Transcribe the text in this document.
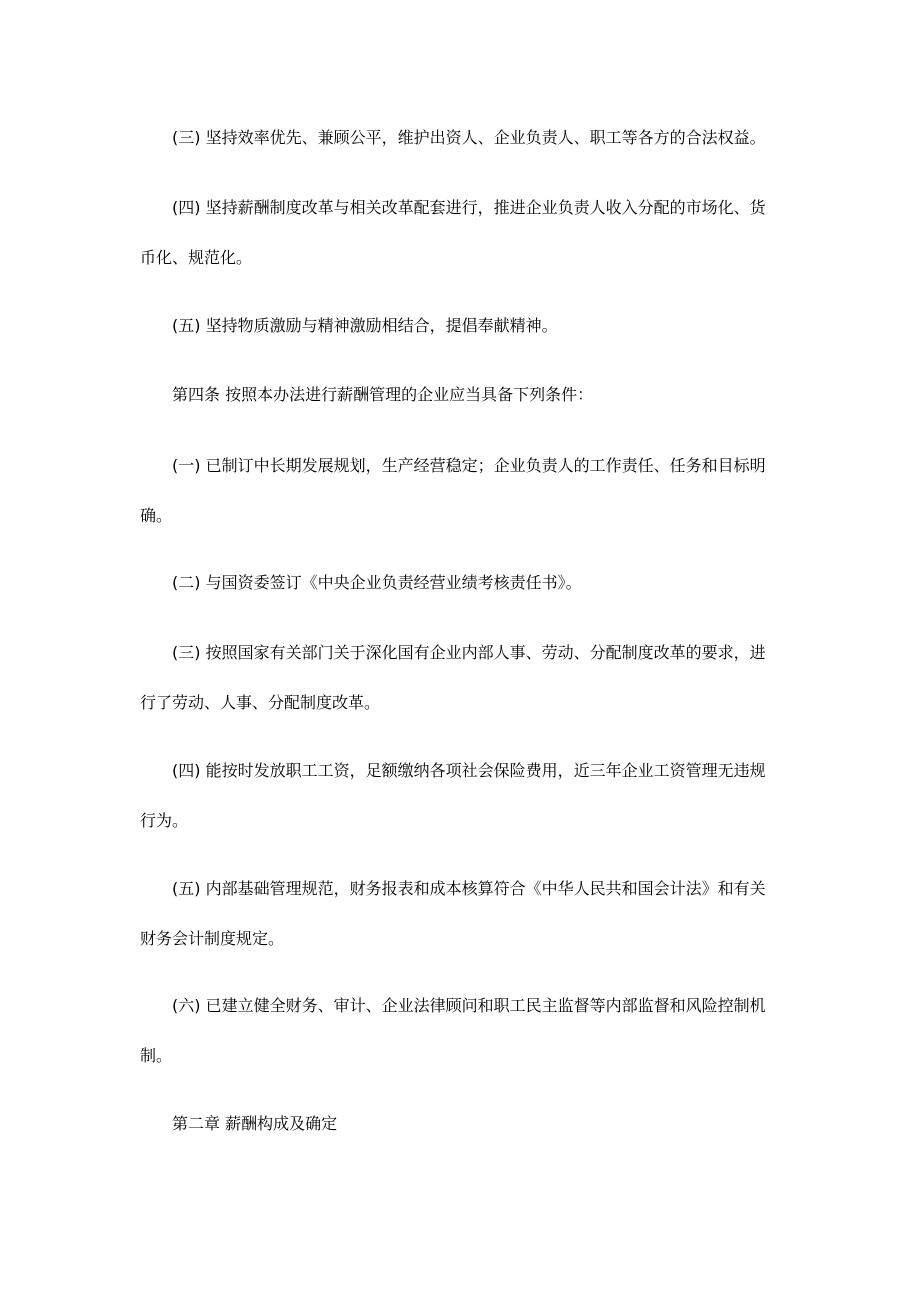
(三) 坚持效率优先、兼顾公平，维护出资人、企业负责人、职工等各方的合法权益。

(四) 坚持薪酬制度改革与相关改革配套进行，推进企业负责人收入分配的市场化、货币化、规范化。

(五) 坚持物质激励与精神激励相结合，提倡奉献精神。

第四条 按照本办法进行薪酬管理的企业应当具备下列条件：

(一) 已制订中长期发展规划，生产经营稳定；企业负责人的工作责任、任务和目标明确。

(二) 与国资委签订《中央企业负责经营业绩考核责任书》。

(三) 按照国家有关部门关于深化国有企业内部人事、劳动、分配制度改革的要求，进行了劳动、人事、分配制度改革。

(四) 能按时发放职工工资，足额缴纳各项社会保险费用，近三年企业工资管理无违规行为。

(五) 内部基础管理规范，财务报表和成本核算符合《中华人民共和国会计法》和有关财务会计制度规定。

(六) 已建立健全财务、审计、企业法律顾问和职工民主监督等内部监督和风险控制机制。

第二章 薪酬构成及确定
